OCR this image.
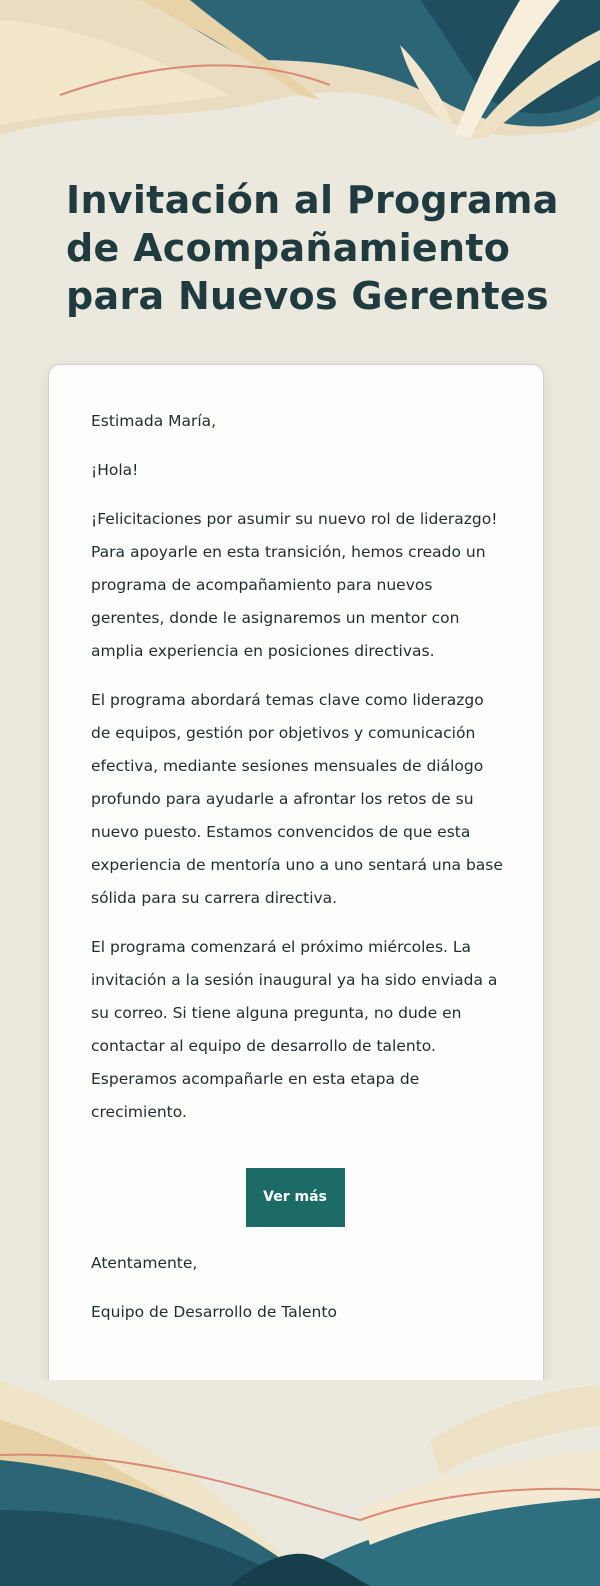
Invitación al Programa de Acompañamiento para Nuevos Gerentes

Estimada María,

¡Hola!

¡Felicitaciones por asumir su nuevo rol de liderazgo! Para apoyarle en esta transición, hemos creado un programa de acompañamiento para nuevos gerentes, donde le asignaremos un mentor con amplia experiencia en posiciones directivas.

El programa abordará temas clave como liderazgo de equipos, gestión por objetivos y comunicación efectiva, mediante sesiones mensuales de diálogo profundo para ayudarle a afrontar los retos de su nuevo puesto. Estamos convencidos de que esta experiencia de mentoría uno a uno sentará una base sólida para su carrera directiva.

El programa comenzará el próximo miércoles. La invitación a la sesión inaugural ya ha sido enviada a su correo. Si tiene alguna pregunta, no dude en contactar al equipo de desarrollo de talento. Esperamos acompañarle en esta etapa de crecimiento.

Ver más

Atentamente,

Equipo de Desarrollo de Talento
